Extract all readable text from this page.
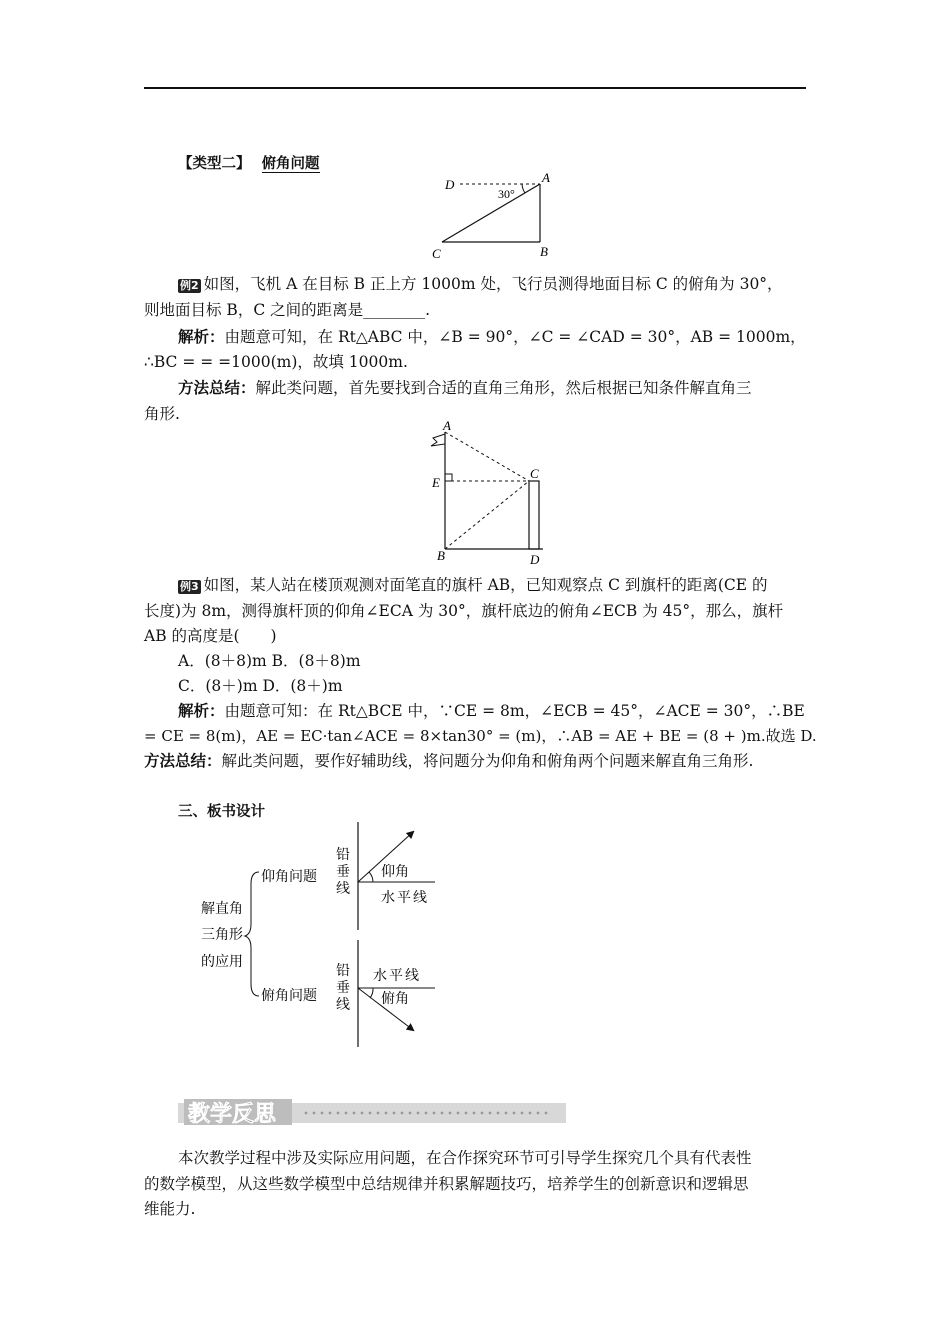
【类型二】 俯角问题
D	A
30°
C	B
例2 如图，飞机 A 在目标 B 正上方 1000m 处，飞行员测得地面目标 C 的俯角为 30°，
则地面目标 B，C 之间的距离是________.
解析：由题意可知，在 Rt△ABC 中，∠B = 90°，∠C = ∠CAD = 30°，AB = 1000m，
∴BC = = =1000(m)，故填 1000m.
方法总结：解此类问题，首先要找到合适的直角三角形，然后根据已知条件解直角三
角形.
A
E
C
B	D
例3 如图，某人站在楼顶观测对面笔直的旗杆 AB，已知观察点 C 到旗杆的距离(CE 的
长度)为 8m，测得旗杆顶的仰角∠ECA 为 30°，旗杆底边的俯角∠ECB 为 45°，那么，旗杆
AB 的高度是(　　)
A．(8＋8)m B．(8＋8)m
C．(8＋)m D．(8＋)m
解析：由题意可知：在 Rt△BCE 中，∵CE = 8m，∠ECB = 45°，∠ACE = 30°，∴BE
= CE = 8(m)，AE = EC·tan∠ACE = 8×tan30° = (m)，∴AB = AE + BE = (8 + )m.故选 D.
方法总结：解此类问题，要作好辅助线，将问题分为仰角和俯角两个问题来解直角三角形.
三、板书设计
解直角
三角形
的应用
仰角问题
俯角问题
铅
垂
线
铅
垂
线
仰角
水平线
水平线
俯角
教学反思
本次教学过程中涉及实际应用问题，在合作探究环节可引导学生探究几个具有代表性
的数学模型，从这些数学模型中总结规律并积累解题技巧，培养学生的创新意识和逻辑思
维能力.
